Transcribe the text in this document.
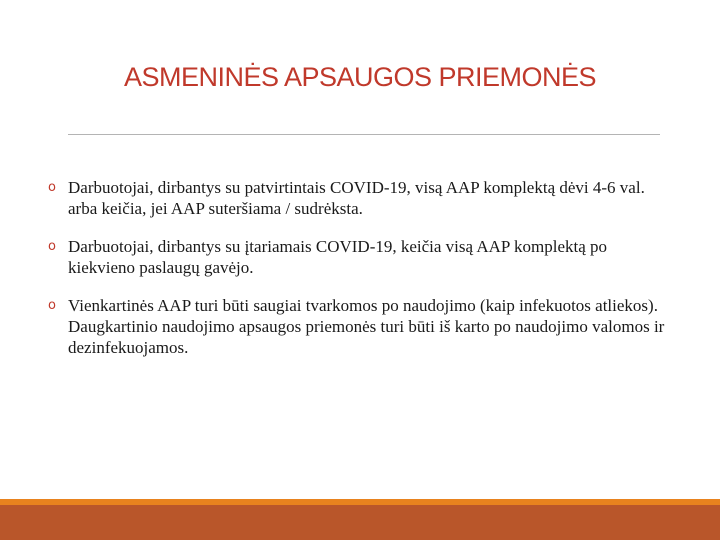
ASMENINĖS APSAUGOS PRIEMONĖS
o Darbuotojai, dirbantys su patvirtintais COVID-19, visą AAP komplektą dėvi 4-6 val. arba keičia, jei AAP suteršiama / sudrėksta.
o Darbuotojai, dirbantys su įtariamais COVID-19, keičia visą AAP komplektą po kiekvieno paslaugų gavėjo.
o Vienkartinės AAP turi būti saugiai tvarkomos po naudojimo (kaip infekuotos atliekos). Daugkartinio naudojimo apsaugos priemonės turi būti iš karto po naudojimo valomos ir dezinfekuojamos.
